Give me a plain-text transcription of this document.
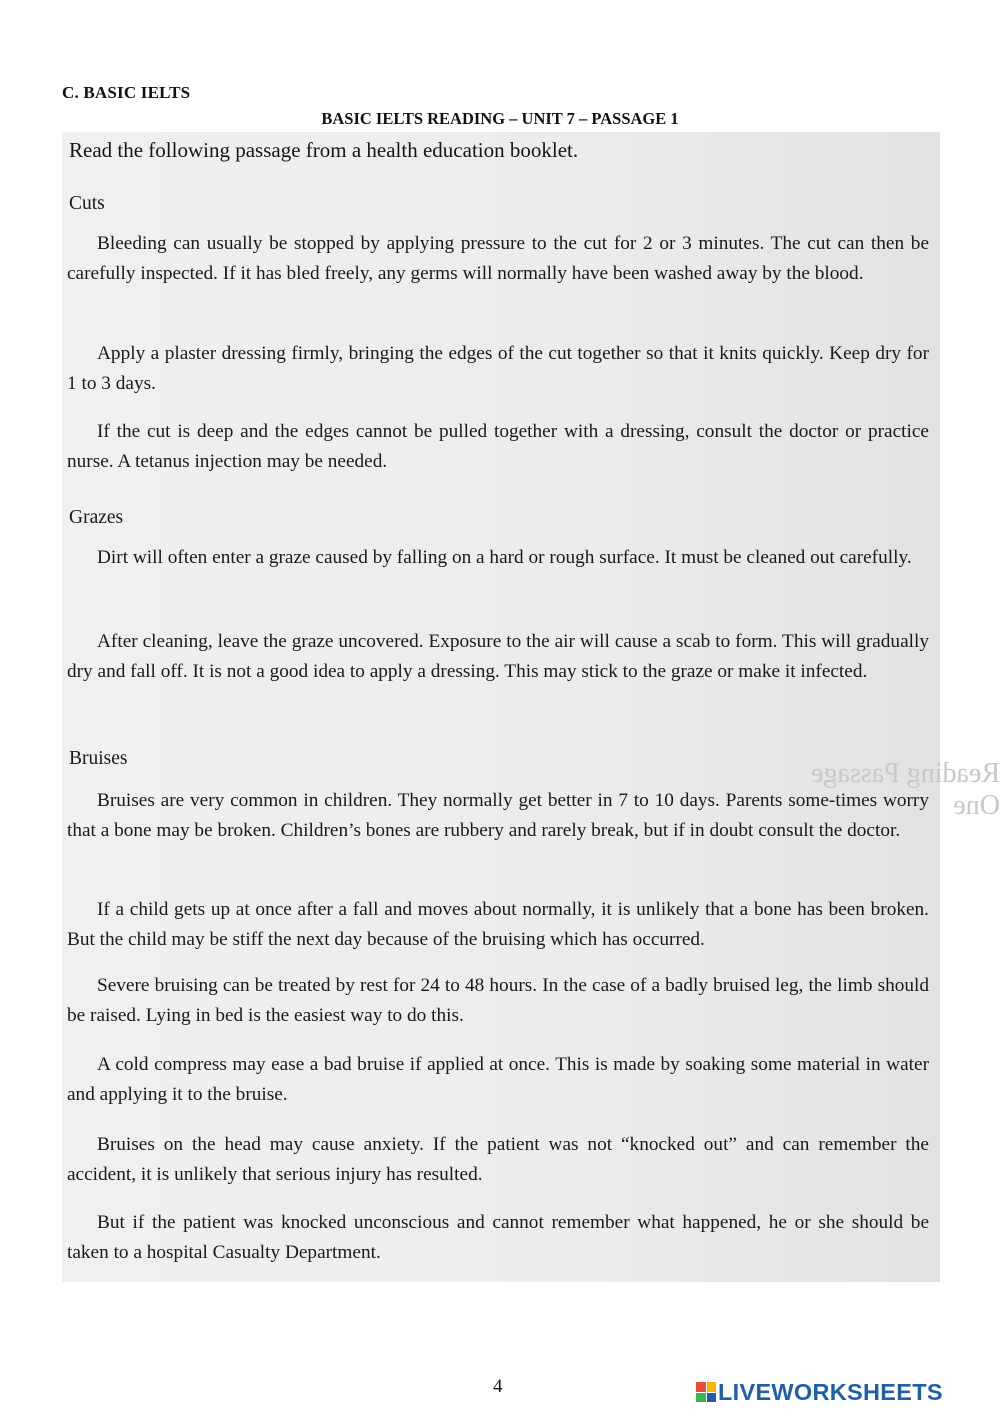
C. BASIC IELTS
BASIC IELTS READING – UNIT 7 – PASSAGE 1
Reading Passage One
Read the following passage from a health education booklet.
Cuts

Bleeding can usually be stopped by applying pressure to the cut for 2 or 3 minutes. The cut can then be carefully inspected. If it has bled freely, any germs will normally have been washed away by the blood.

Apply a plaster dressing firmly, bringing the edges of the cut together so that it knits quickly. Keep dry for 1 to 3 days.

If the cut is deep and the edges cannot be pulled together with a dressing, consult the doctor or practice nurse. A tetanus injection may be needed.

Grazes

Dirt will often enter a graze caused by falling on a hard or rough surface. It must be cleaned out carefully.

After cleaning, leave the graze uncovered. Exposure to the air will cause a scab to form. This will gradually dry and fall off. It is not a good idea to apply a dressing. This may stick to the graze or make it infected.

Bruises

Bruises are very common in children. They normally get better in 7 to 10 days. Parents some-times worry that a bone may be broken. Children’s bones are rubbery and rarely break, but if in doubt consult the doctor.

If a child gets up at once after a fall and moves about normally, it is unlikely that a bone has been broken. But the child may be stiff the next day because of the bruising which has occurred.

Severe bruising can be treated by rest for 24 to 48 hours. In the case of a badly bruised leg, the limb should be raised. Lying in bed is the easiest way to do this.

A cold compress may ease a bad bruise if applied at once. This is made by soaking some material in water and applying it to the bruise.

Bruises on the head may cause anxiety. If the patient was not “knocked out” and can remember the accident, it is unlikely that serious injury has resulted.

But if the patient was knocked unconscious and cannot remember what happened, he or she should be taken to a hospital Casualty Department.

4	LIVEWORKSHEETS
